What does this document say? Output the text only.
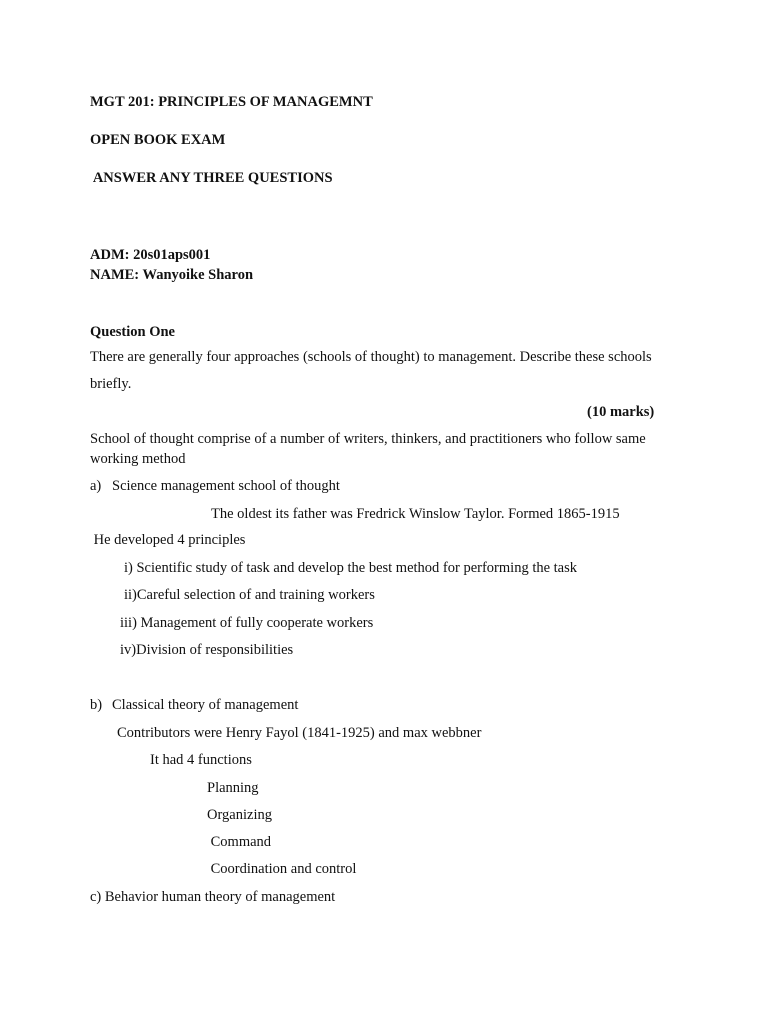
MGT 201: PRINCIPLES OF MANAGEMNT
OPEN BOOK EXAM
ANSWER ANY THREE QUESTIONS
ADM: 20s01aps001
NAME: Wanyoike Sharon
Question One
There are generally four approaches (schools of thought) to management. Describe these schools
briefly.
(10 marks)
School of thought comprise of a number of writers, thinkers, and practitioners who follow same
working method
a) Science management school of thought
The oldest its father was Fredrick Winslow Taylor. Formed 1865-1915
He developed 4 principles
i) Scientific study of task and develop the best method for performing the task
ii)Careful selection of and training workers
iii) Management of fully cooperate workers
iv)Division of responsibilities
b) Classical theory of management
Contributors were Henry Fayol (1841-1925) and max webbner
It had 4 functions
Planning
Organizing
Command
Coordination and control
c) Behavior human theory of management
